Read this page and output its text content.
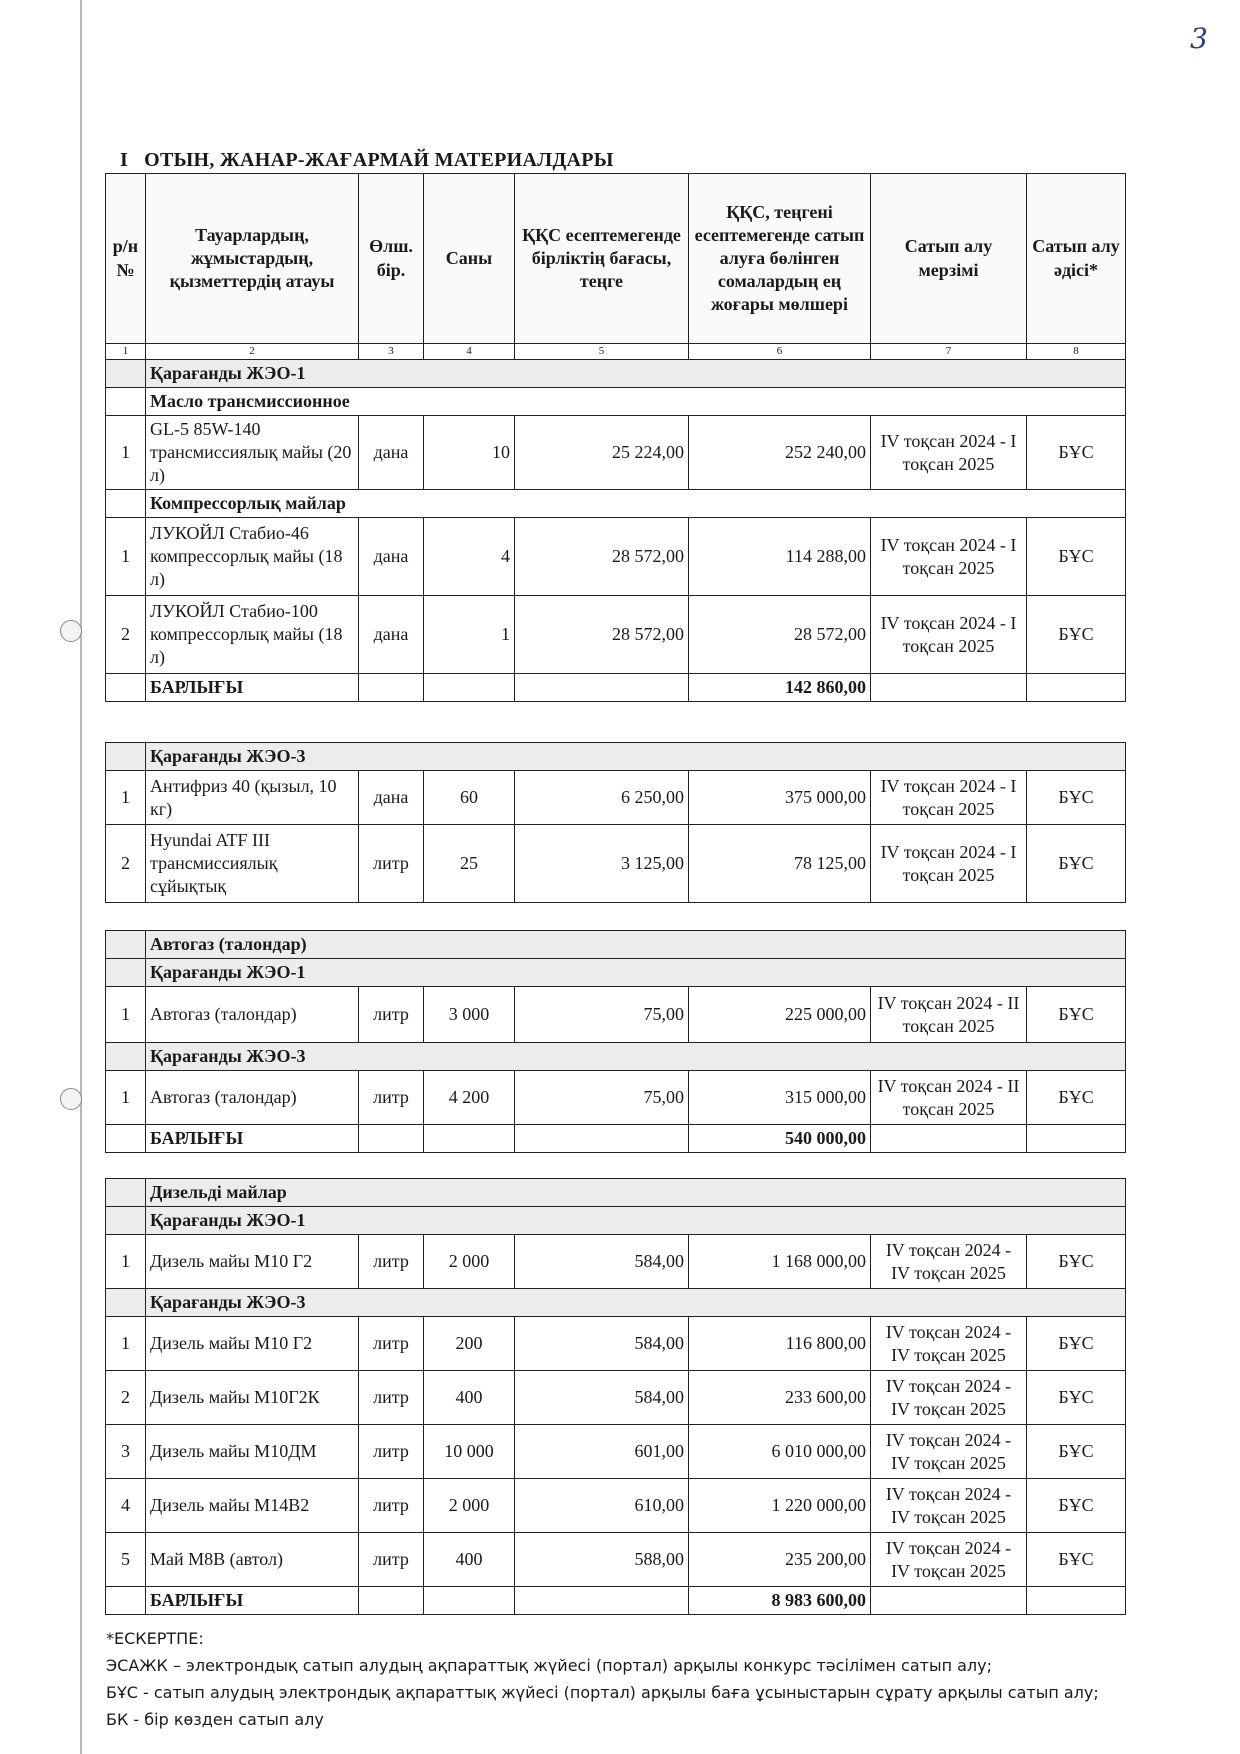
3
I ОТЫН, ЖАНАР-ЖАҒАРМАЙ МАТЕРИАЛДАРЫ
р/н №	Тауарлардың, жұмыстардың, қызметтердің атауы	Өлш. бір.	Саны	ҚҚС есептемегенде бірліктің бағасы, теңге	ҚҚС, теңгені есептемегенде сатып алуға бөлінген сомалардың ең жоғары мөлшері	Сатып алу мерзімі	Сатып алу әдісі*
1	2	3	4	5	6	7	8
	Қарағанды ЖЭО-1						
	Масло трансмиссионное						
1	GL-5 85W-140 трансмиссиялық майы (20 л)	дана	10	25 224,00	252 240,00	IV тоқсан 2024 - I тоқсан 2025	БҰС
	Компрессорлық майлар						
1	ЛУКОЙЛ Стабио-46 компрессорлық майы (18 л)	дана	4	28 572,00	114 288,00	IV тоқсан 2024 - I тоқсан 2025	БҰС
2	ЛУКОЙЛ Стабио-100 компрессорлық майы (18 л)	дана	1	28 572,00	28 572,00	IV тоқсан 2024 - I тоқсан 2025	БҰС
	БАРЛЫҒЫ				142 860,00		
	Қарағанды ЖЭО-3						
1	Антифриз 40 (қызыл, 10 кг)	дана	60	6 250,00	375 000,00	IV тоқсан 2024 - I тоқсан 2025	БҰС
2	Hyundai ATF III трансмиссиялық сұйықтық	литр	25	3 125,00	78 125,00	IV тоқсан 2024 - I тоқсан 2025	БҰС
	Автогаз (талондар)						
	Қарағанды ЖЭО-1						
1	Автогаз (талондар)	литр	3 000	75,00	225 000,00	IV тоқсан 2024 - II тоқсан 2025	БҰС
	Қарағанды ЖЭО-3						
1	Автогаз (талондар)	литр	4 200	75,00	315 000,00	IV тоқсан 2024 - II тоқсан 2025	БҰС
	БАРЛЫҒЫ				540 000,00		
	Дизельді майлар						
	Қарағанды ЖЭО-1						
1	Дизель майы М10 Г2	литр	2 000	584,00	1 168 000,00	IV тоқсан 2024 - IV тоқсан 2025	БҰС
	Қарағанды ЖЭО-3						
1	Дизель майы М10 Г2	литр	200	584,00	116 800,00	IV тоқсан 2024 - IV тоқсан 2025	БҰС
2	Дизель майы М10Г2К	литр	400	584,00	233 600,00	IV тоқсан 2024 - IV тоқсан 2025	БҰС
3	Дизель майы М10ДМ	литр	10 000	601,00	6 010 000,00	IV тоқсан 2024 - IV тоқсан 2025	БҰС
4	Дизель майы М14В2	литр	2 000	610,00	1 220 000,00	IV тоқсан 2024 - IV тоқсан 2025	БҰС
5	Май М8В (автол)	литр	400	588,00	235 200,00	IV тоқсан 2024 - IV тоқсан 2025	БҰС
	БАРЛЫҒЫ				8 983 600,00		
*ЕСКЕРТПЕ:
ЭСАЖК – электрондық сатып алудың ақпараттық жүйесі (портал) арқылы конкурс тәсілімен сатып алу;
БҰС - сатып алудың электрондық ақпараттық жүйесі (портал) арқылы баға ұсыныстарын сұрату арқылы сатып алу;
БК - бір көзден сатып алу
